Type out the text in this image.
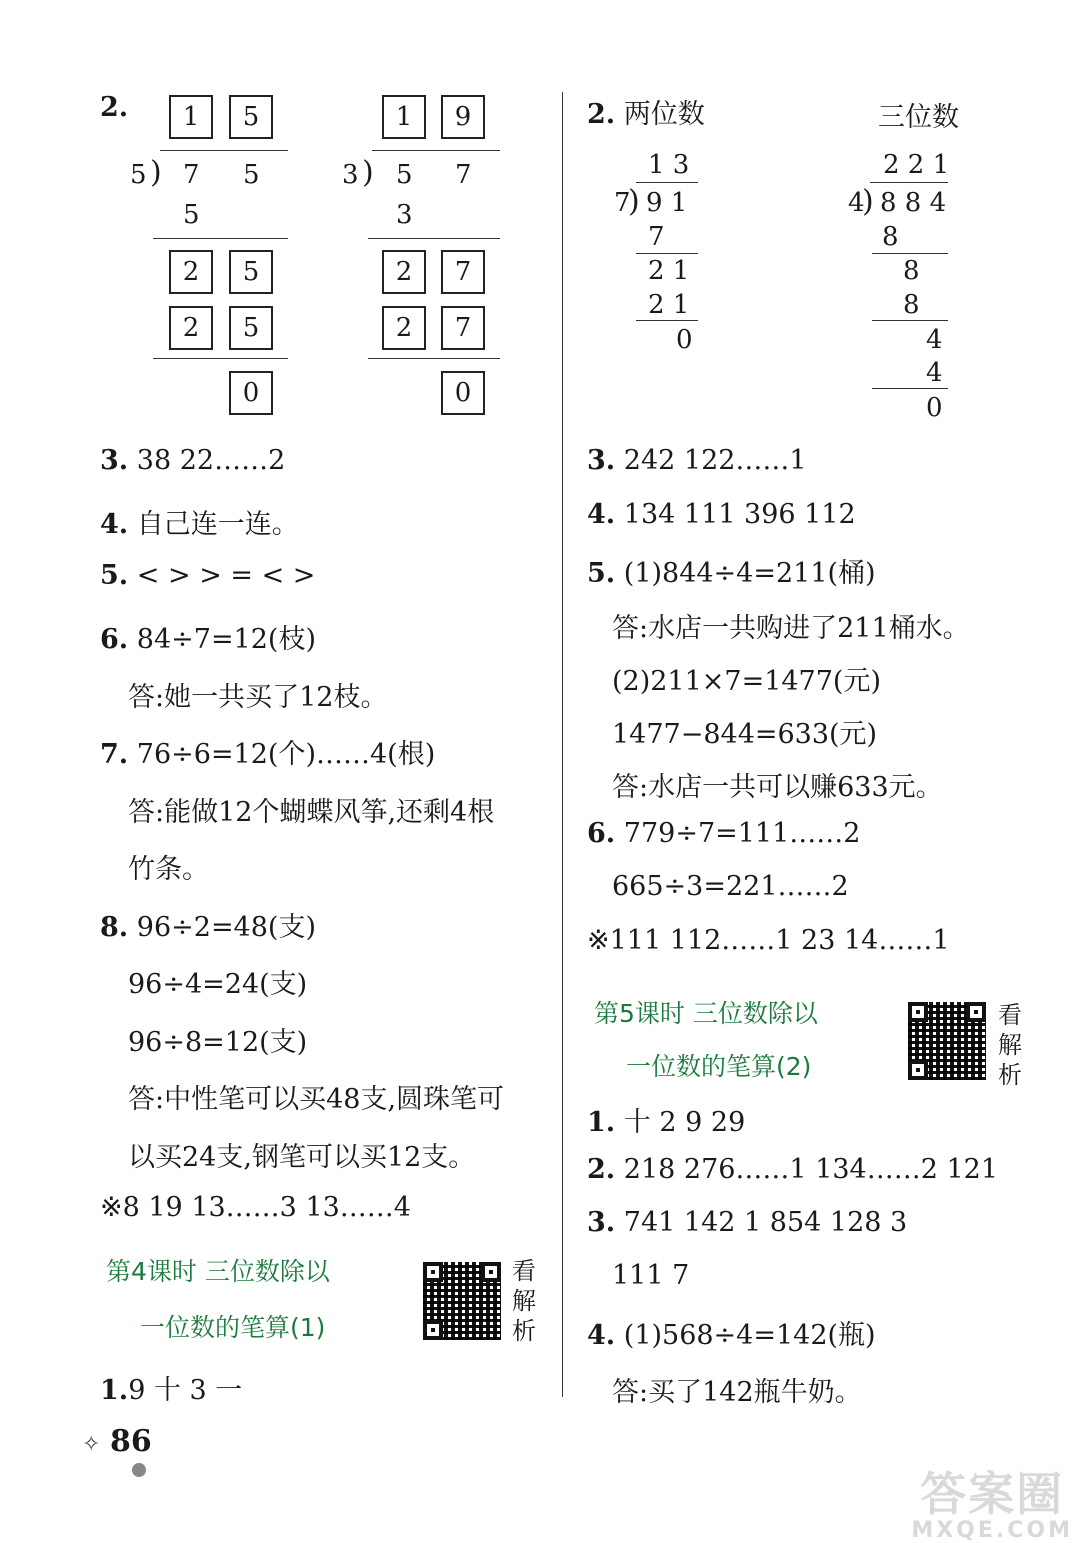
2.	1	5
5 ) 7 5
5
2	5
2	5
0
1	9
3 ) 5 7
3
2	7
2	7
0
3. 38 22……2
4. 自己连一连。
5. < > > = < >
6. 84÷7=12(枝)
答:她一共买了12枝。
7. 76÷6=12(个)……4(根)
答:能做12个蝴蝶风筝,还剩4根
竹条。
8. 96÷2=48(支)
96÷4=24(支)
96÷8=12(支)
答:中性笔可以买48支,圆珠笔可
以买24支,钢笔可以买12支。
※8 19 13……3 13……4
第4课时 三位数除以
一位数的笔算(1)
看
解
析
1.9 十 3 一
2. 两位数	三位数
1 3
7
) 9 1
7
2 1
2 1
0
2 2 1
4
) 8 8 4
8
8
8
4
4
0
3. 242 122……1
4. 134 111 396 112
5. (1)844÷4=211(桶)
答:水店一共购进了211桶水。
(2)211×7=1477(元)
1477−844=633(元)
答:水店一共可以赚633元。
6. 779÷7=111……2
665÷3=221……2
※111 112……1 23 14……1
第5课时 三位数除以
一位数的笔算(2)
看
解
析
1. 十 2 9 29
2. 218 276……1 134……2 121
3. 741 142 1 854 128 3
111 7
4. (1)568÷4=142(瓶)
答:买了142瓶牛奶。
✧ 86
答案圈
MXQE.COM
